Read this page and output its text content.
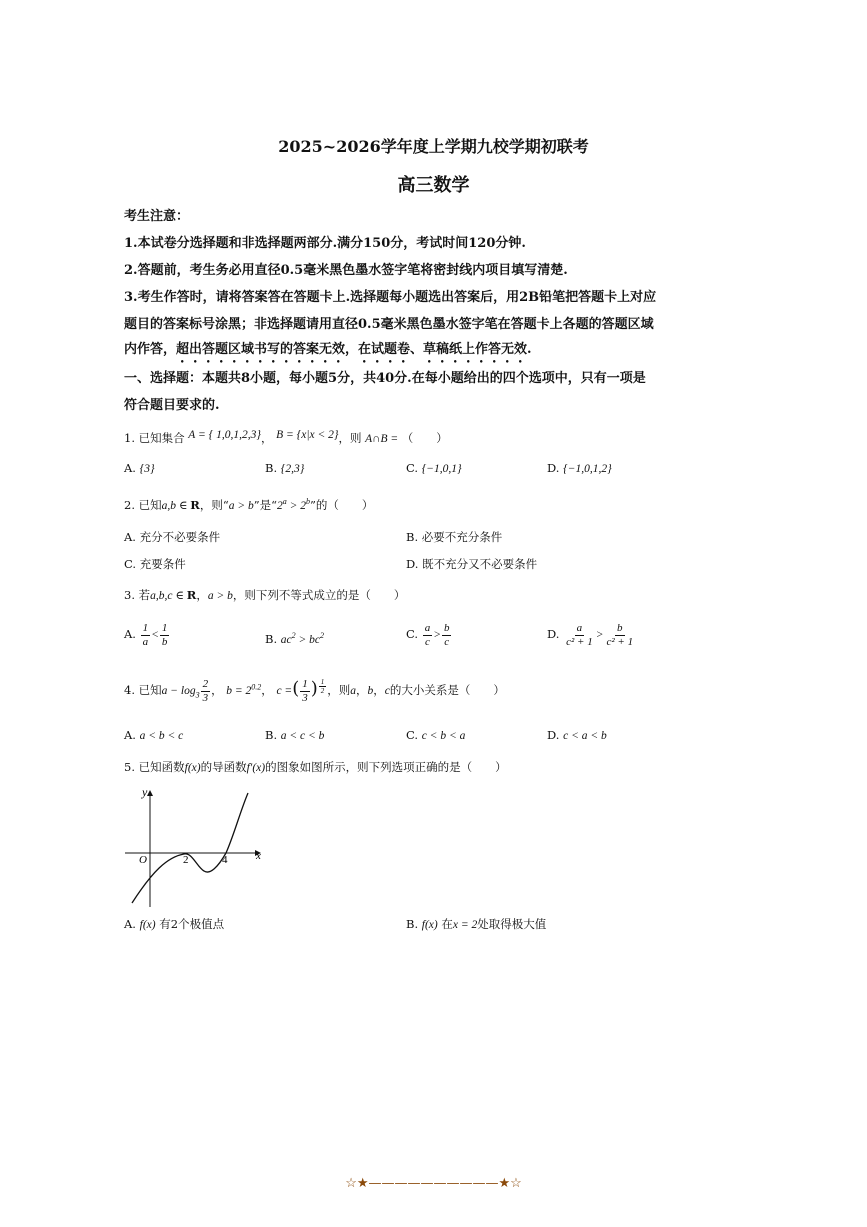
2025~2026学年度上学期九校学期初联考
高三数学
考生注意：
1.本试卷分选择题和非选择题两部分.满分150分，考试时间120分钟.
2.答题前，考生务必用直径0.5毫米黑色墨水签字笔将密封线内项目填写清楚.
3.考生作答时，请将答案答在答题卡上.选择题每小题选出答案后，用2B铅笔把答题卡上对应
题目的答案标号涂黑；非选择题请用直径0.5毫米黑色墨水签字笔在答题卡上各题的答题区域
内作答，超出答题区域书写的答案无效，在试题卷、草稿纸上作答无效.
一、选择题：本题共8小题，每小题5分，共40分.在每小题给出的四个选项中，只有一项是
符合题目要求的.
1. 已知集合 A = { 1,0,1,2,3}， B = {x|x < 2}，则 A∩B = （　　）
A. {3}	B. {2,3}	C. {−1,0,1}	D. {−1,0,1,2}
2. 已知a,b ∈ R，则“a > b”是“$2^a > 2^b$”的（　　）
A. 充分不必要条件	B. 必要不充分条件
C. 充要条件	D. 既不充分又不必要条件
3. 若a,b,c ∈ R，a > b，则下列不等式成立的是（　　）
A. $\frac{1}{a} < \frac{1}{b}$	B. $ac^2 > bc^2$	C. $\frac{a}{c} > \frac{b}{c}$	D. $\frac{a}{\text{c² + 1}} > \frac{b}{\text{c² + 1}}$
4. 已知$a - \log_3 \frac{2}{3}$ ， $b = 2^{0.2}$， c =( $\frac{1}{3}$ ) $\frac{1}{2}$ ，则a，b，c的大小关系是（　　）
A. a < b < c	B. a < c < b	C. c < b < a	D. c < a < b
5. 已知函数f(x)的导函数f′(x)的图象如图所示，则下列选项正确的是（　　）
y
x
O	2	4
A. f(x) 有2个极值点	B. f(x) 在x = 2处取得极大值
☆★——————————★☆
